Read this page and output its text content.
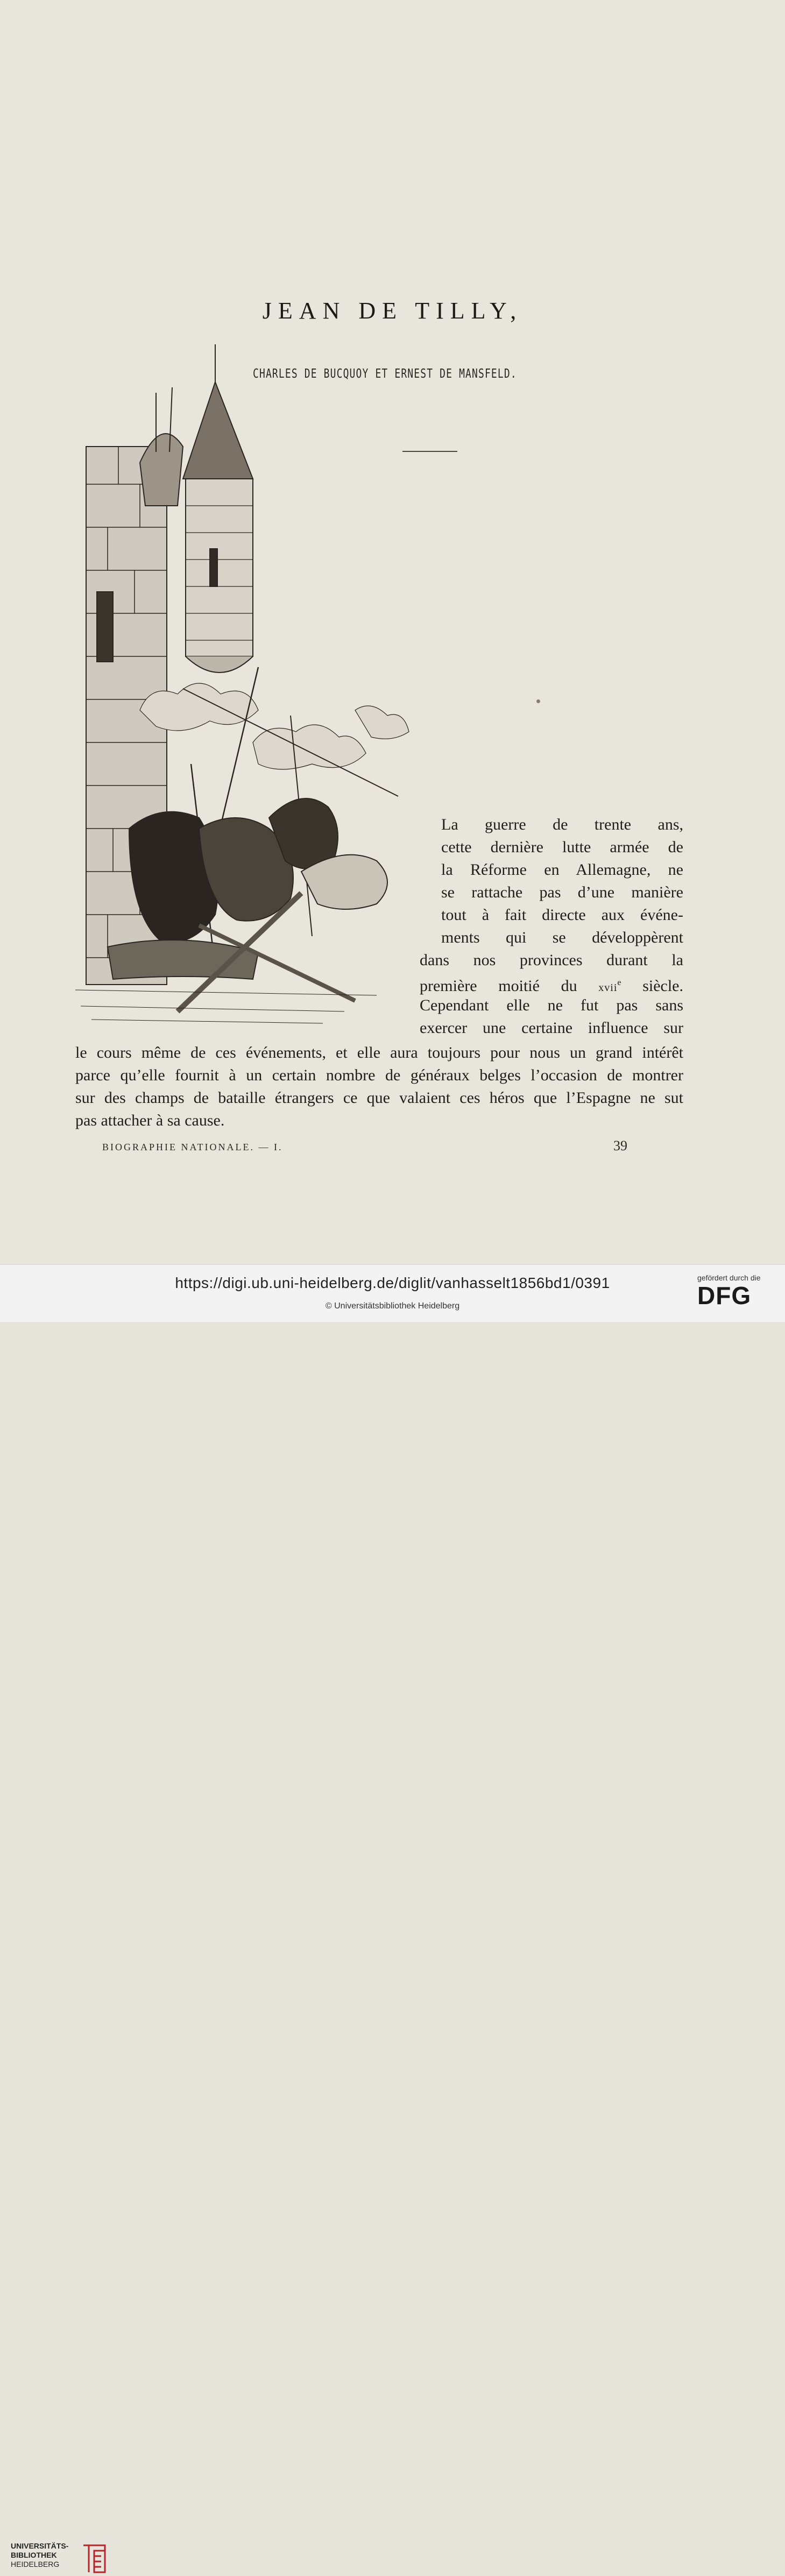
JEAN DE TILLY,
CHARLES DE BUCQUOY ET ERNEST DE MANSFELD.
La guerre de trente ans,
cette dernière lutte armée de
la Réforme en Allemagne, ne
se rattache pas d’une manière
tout à fait directe aux événe-
ments qui se développèrent
dans nos provinces durant la
première moitié du xvii$^e$ siècle.
Cependant elle ne fut pas sans
exercer une certaine influence sur
le cours même de ces événements, et elle aura toujours pour nous un grand intérêt
parce qu’elle fournit à un certain nombre de généraux belges l’occasion de montrer
sur des champs de bataille étrangers ce que valaient ces héros que l’Espagne ne sut
pas attacher à sa cause.
BIOGRAPHIE NATIONALE. — I.	39
UNIVERSITÄTS-
BIBLIOTHEK
HEIDELBERG
https://digi.ub.uni-heidelberg.de/diglit/vanhasselt1856bd1/0391
© Universitätsbibliothek Heidelberg
gefördert durch die
DFG
